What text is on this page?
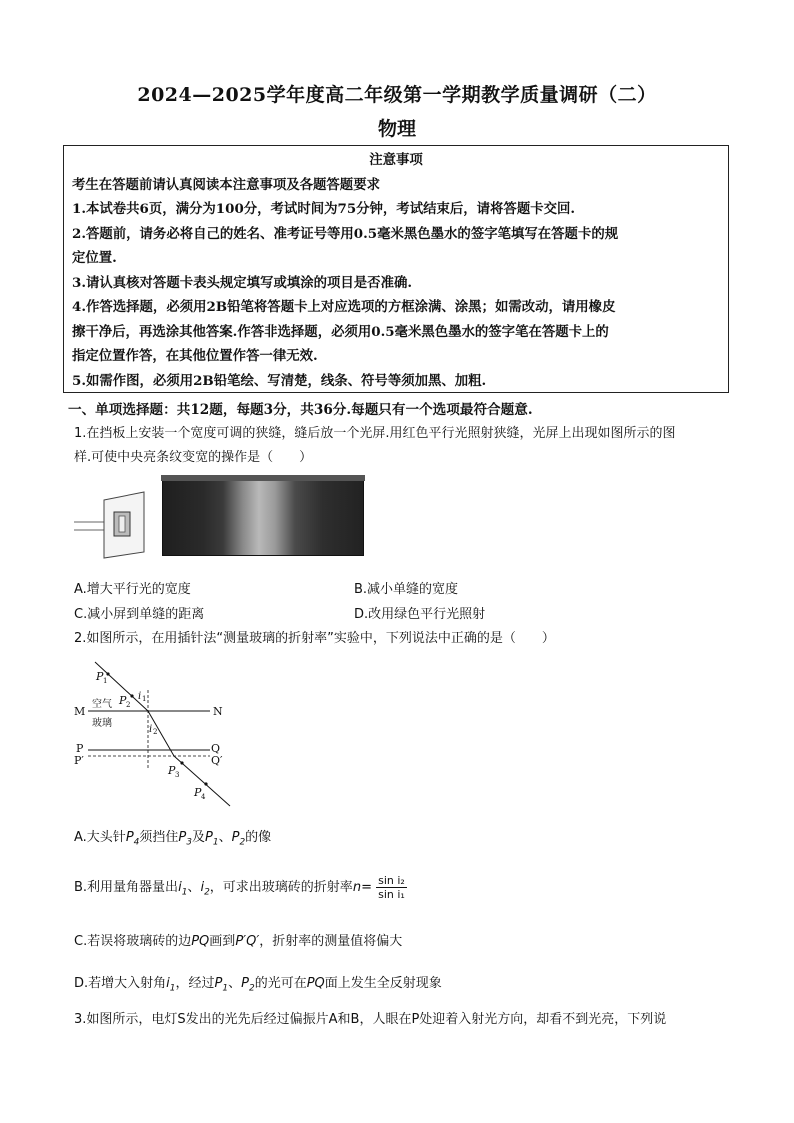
2024—2025学年度高二年级第一学期教学质量调研（二）
物理
注意事项
考生在答题前请认真阅读本注意事项及各题答题要求
1.本试卷共6页，满分为100分，考试时间为75分钟，考试结束后，请将答题卡交回.
2.答题前，请务必将自己的姓名、准考证号等用0.5毫米黑色墨水的签字笔填写在答题卡的规
定位置.
3.请认真核对答题卡表头规定填写或填涂的项目是否准确.
4.作答选择题，必须用2B铅笔将答题卡上对应选项的方框涂满、涂黑；如需改动，请用橡皮
擦干净后，再选涂其他答案.作答非选择题，必须用0.5毫米黑色墨水的签字笔在答题卡上的
指定位置作答，在其他位置作答一律无效.
5.如需作图，必须用2B铅笔绘、写清楚，线条、符号等须加黑、加粗.
一、单项选择题：共12题，每题3分，共36分.每题只有一个选项最符合题意.
1.在挡板上安装一个宽度可调的狭缝，缝后放一个光屏.用红色平行光照射狭缝，光屏上出现如图所示的图
样.可使中央亮条纹变宽的操作是（　　）
A.增大平行光的宽度	B.减小单缝的宽度
C.减小屏到单缝的距离	D.改用绿色平行光照射
2.如图所示，在用插针法“测量玻璃的折射率”实验中，下列说法中正确的是（　　）
M	N
P	Q
P′	Q′
空气
玻璃
P 1
P 2
P 3
P 4
i 1
i 2
A.大头针$P_4$须挡住$P_3$及$P_1$、$P_2$的像
B.利用量角器量出$i_1$、$i_2$，可求出玻璃砖的折射率$n= \frac{\text{sin i₂}}{\text{sin i₁}}$
C.若误将玻璃砖的边PQ画到P′Q′，折射率的测量值将偏大
D.若增大入射角$i_1$，经过$P_1$、$P_2$的光可在PQ面上发生全反射现象
3.如图所示，电灯S发出的光先后经过偏振片A和B，人眼在P处迎着入射光方向，却看不到光亮，下列说
